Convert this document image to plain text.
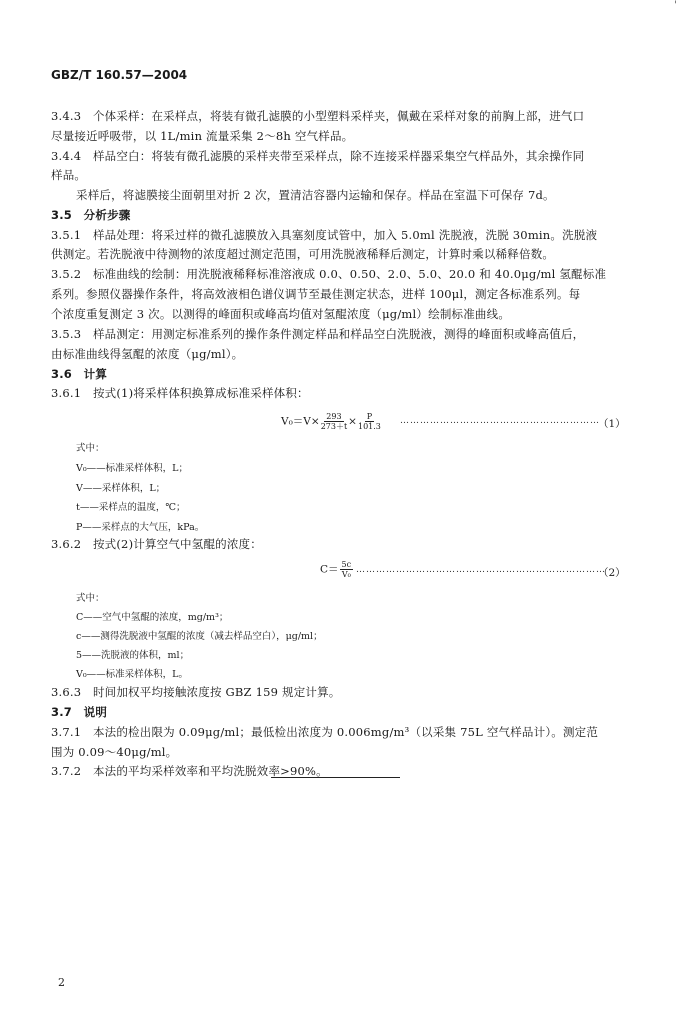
'
GBZ/T 160.57—2004
3.4.3　个体采样：在采样点，将装有微孔滤膜的小型塑料采样夹，佩戴在采样对象的前胸上部，进气口
尽量接近呼吸带，以 1L/min 流量采集 2～8h 空气样品。
3.4.4　样品空白：将装有微孔滤膜的采样夹带至采样点，除不连接采样器采集空气样品外，其余操作同
样品。
采样后，将滤膜接尘面朝里对折 2 次，置清洁容器内运输和保存。样品在室温下可保存 7d。
3.5　分析步骤
3.5.1　样品处理：将采过样的微孔滤膜放入具塞刻度试管中，加入 5.0ml 洗脱液，洗脱 30min。洗脱液
供测定。若洗脱液中待测物的浓度超过测定范围，可用洗脱液稀释后测定，计算时乘以稀释倍数。
3.5.2　标准曲线的绘制：用洗脱液稀释标准溶液成 0.0、0.50、2.0、5.0、20.0 和 40.0μg/ml 氢醌标准
系列。参照仪器操作条件，将高效液相色谱仪调节至最佳测定状态，进样 100μl，测定各标准系列。每
个浓度重复测定 3 次。以测得的峰面积或峰高均值对氢醌浓度（μg/ml）绘制标准曲线。
3.5.3　样品测定：用测定标准系列的操作条件测定样品和样品空白洗脱液，测得的峰面积或峰高值后，
由标准曲线得氢醌的浓度（μg/ml）。
3.6　计算
3.6.1　按式(1)将采样体积换算成标准采样体积：
$V_0=V\times \frac{293}{273+t} \times \frac{P}{101.3}$ ……………………………………………………
（1）
式中：
V₀——标准采样体积，L；
V——采样体积，L；
t——采样点的温度，℃；
P——采样点的大气压，kPa。
3.6.2　按式(2)计算空气中氢醌的浓度：
$C= \frac{5c}{\text{V₀}}$ …………………………………………………………………
（2）
式中：
C——空气中氢醌的浓度，mg/m³；
c——测得洗脱液中氢醌的浓度（减去样品空白），μg/ml；
5——洗脱液的体积，ml；
V₀——标准采样体积，L。
3.6.3　时间加权平均接触浓度按 GBZ 159 规定计算。
3.7　说明
3.7.1　本法的检出限为 0.09μg/ml；最低检出浓度为 0.006mg/m³（以采集 75L 空气样品计）。测定范
围为 0.09～40μg/ml。
3.7.2　本法的平均采样效率和平均洗脱效率>90%。
2
